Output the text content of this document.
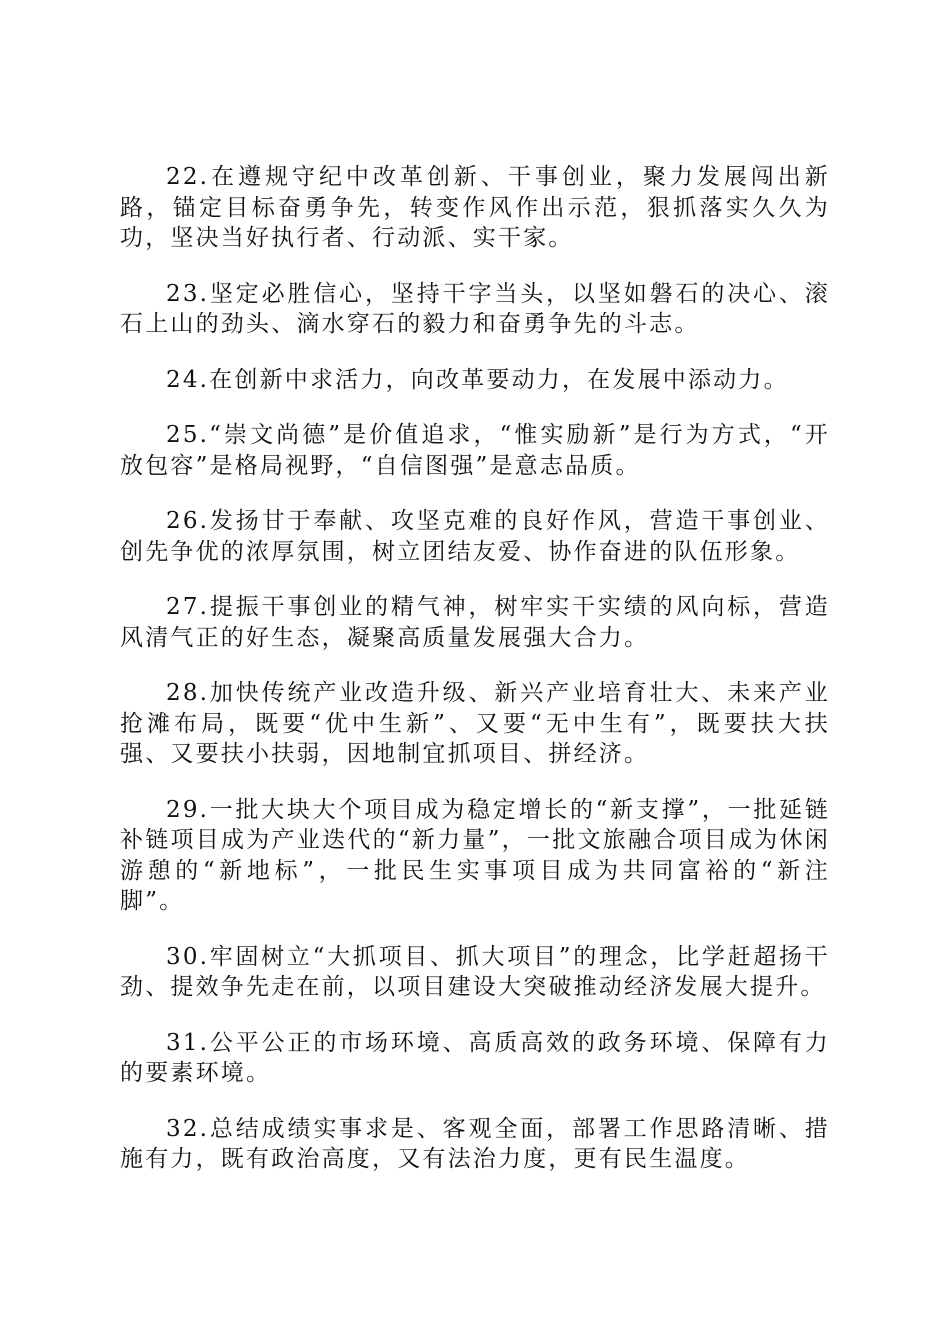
22.在遵规守纪中改革创新、干事创业，聚力发展闯出新路，锚定目标奋勇争先，转变作风作出示范，狠抓落实久久为功，坚决当好执行者、行动派、实干家。

23.坚定必胜信心，坚持干字当头，以坚如磐石的决心、滚石上山的劲头、滴水穿石的毅力和奋勇争先的斗志。

24.在创新中求活力，向改革要动力，在发展中添动力。

25.“崇文尚德”是价值追求，“惟实励新”是行为方式，“开放包容”是格局视野，“自信图强”是意志品质。

26.发扬甘于奉献、攻坚克难的良好作风，营造干事创业、创先争优的浓厚氛围，树立团结友爱、协作奋进的队伍形象。

27.提振干事创业的精气神，树牢实干实绩的风向标，营造风清气正的好生态，凝聚高质量发展强大合力。

28.加快传统产业改造升级、新兴产业培育壮大、未来产业抢滩布局，既要“优中生新”、又要“无中生有”，既要扶大扶强、又要扶小扶弱，因地制宜抓项目、拼经济。

29.一批大块大个项目成为稳定增长的“新支撑”，一批延链补链项目成为产业迭代的“新力量”，一批文旅融合项目成为休闲游憩的“新地标”，一批民生实事项目成为共同富裕的“新注脚”。

30.牢固树立“大抓项目、抓大项目”的理念，比学赶超扬干劲、提效争先走在前，以项目建设大突破推动经济发展大提升。

31.公平公正的市场环境、高质高效的政务环境、保障有力的要素环境。

32.总结成绩实事求是、客观全面，部署工作思路清晰、措施有力，既有政治高度，又有法治力度，更有民生温度。
